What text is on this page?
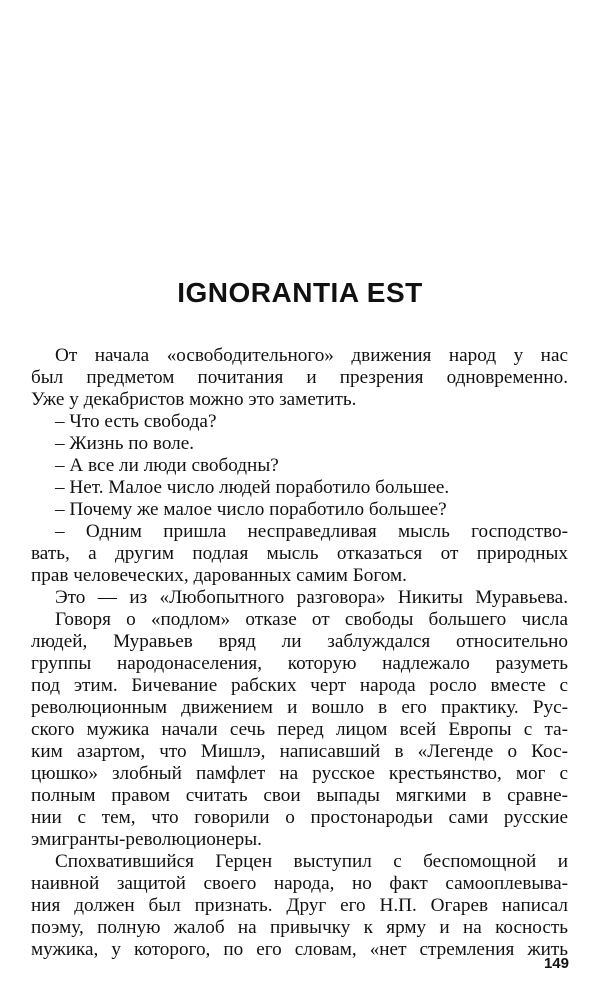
IGNORANTIA EST
От начала «освободительного» движения народ у нас
был предметом почитания и презрения одновременно.
Уже у декабристов можно это заметить.
– Что есть свобода?
– Жизнь по воле.
– А все ли люди свободны?
– Нет. Малое число людей поработило большее.
– Почему же малое число поработило большее?
– Одним пришла несправедливая мысль господство-
вать, а другим подлая мысль отказаться от природных
прав человеческих, дарованных самим Богом.
Это — из «Любопытного разговора» Никиты Муравьева.
Говоря о «подлом» отказе от свободы большего числа
людей, Муравьев вряд ли заблуждался относительно
группы народонаселения, которую надлежало разуметь
под этим. Бичевание рабских черт народа росло вместе с
революционным движением и вошло в его практику. Рус-
ского мужика начали сечь перед лицом всей Европы с та-
ким азартом, что Мишлэ, написавший в «Легенде о Кос-
цюшко» злобный памфлет на русское крестьянство, мог с
полным правом считать свои выпады мягкими в сравне-
нии с тем, что говорили о простонародьи сами русские
эмигранты-революционеры.
Спохватившийся Герцен выступил с беспомощной и
наивной защитой своего народа, но факт самооплевыва-
ния должен был признать. Друг его Н.П. Огарев написал
поэму, полную жалоб на привычку к ярму и на косность
мужика, у которого, по его словам, «нет стремления жить
149
